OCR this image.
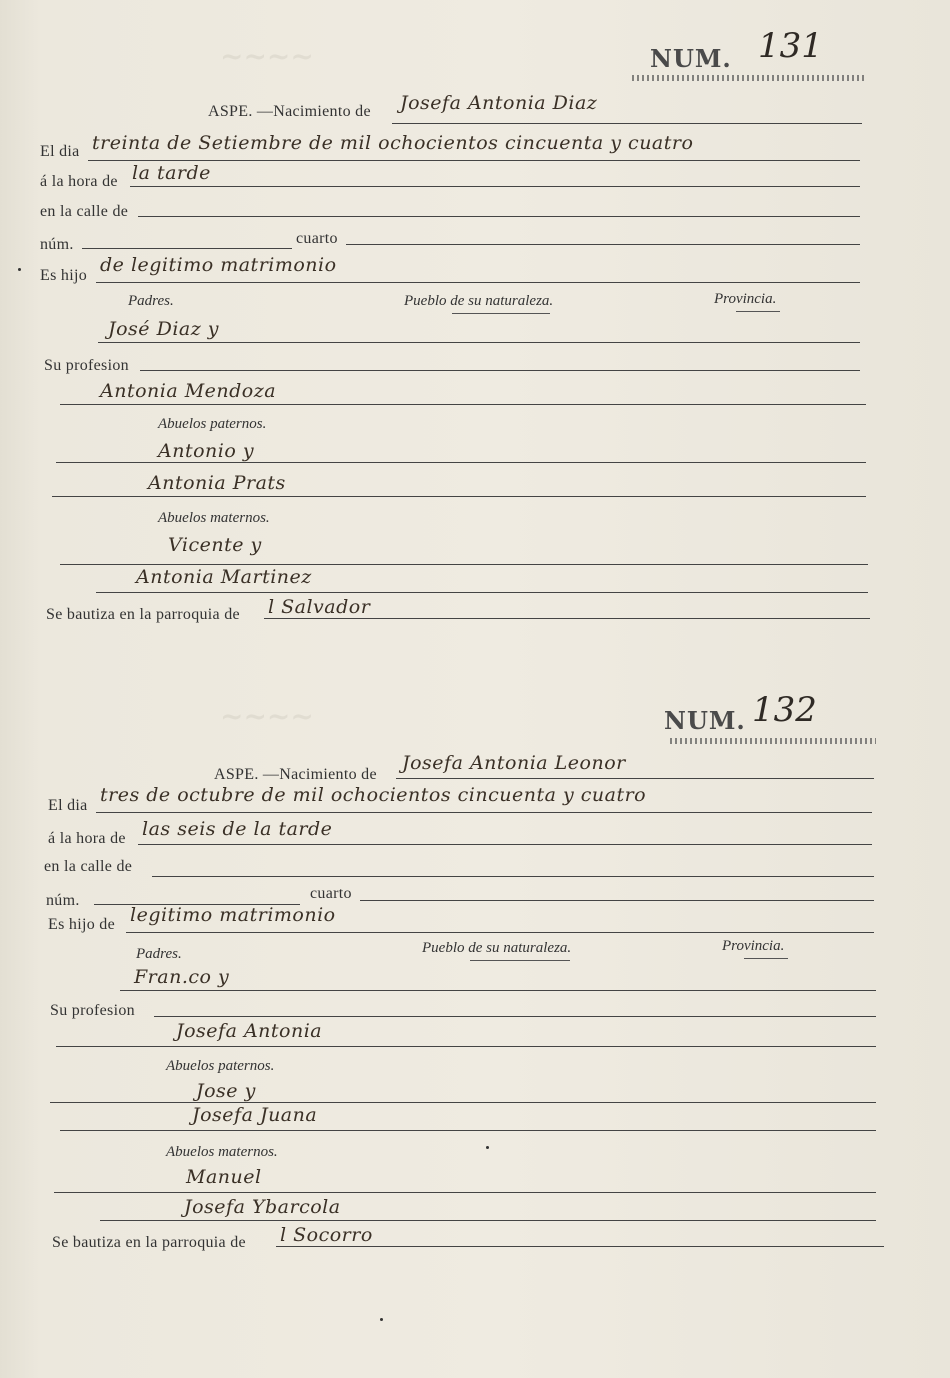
~~~~
~~~~
NUM. 131
ASPE. —Nacimiento de Josefa Antonia Diaz
El dia treinta de Setiembre de mil ochocientos cincuenta y cuatro
á la hora de la tarde
en la calle de
núm.	cuarto
Es hijo de legitimo matrimonio
Padres.	Pueblo de su naturaleza.	Provincia.
José Diaz y
Su profesion
Antonia Mendoza
Abuelos paternos.
Antonio y
Antonia Prats
Abuelos maternos.
Vicente y
Antonia Martinez
Se bautiza en la parroquia de l Salvador
NUM. 132
ASPE. —Nacimiento de
Josefa Antonia Leonor
El dia tres de octubre de mil ochocientos cincuenta y cuatro
á la hora de las seis de la tarde
en la calle de
núm.	cuarto
Es hijo de legitimo matrimonio
Padres.	Pueblo de su naturaleza.	Provincia.
Fran.co y
Su profesion
Josefa Antonia
Abuelos paternos.
Jose y
Josefa Juana
Abuelos maternos.
Manuel
Josefa Ybarcola
Se bautiza en la parroquia de l Socorro
